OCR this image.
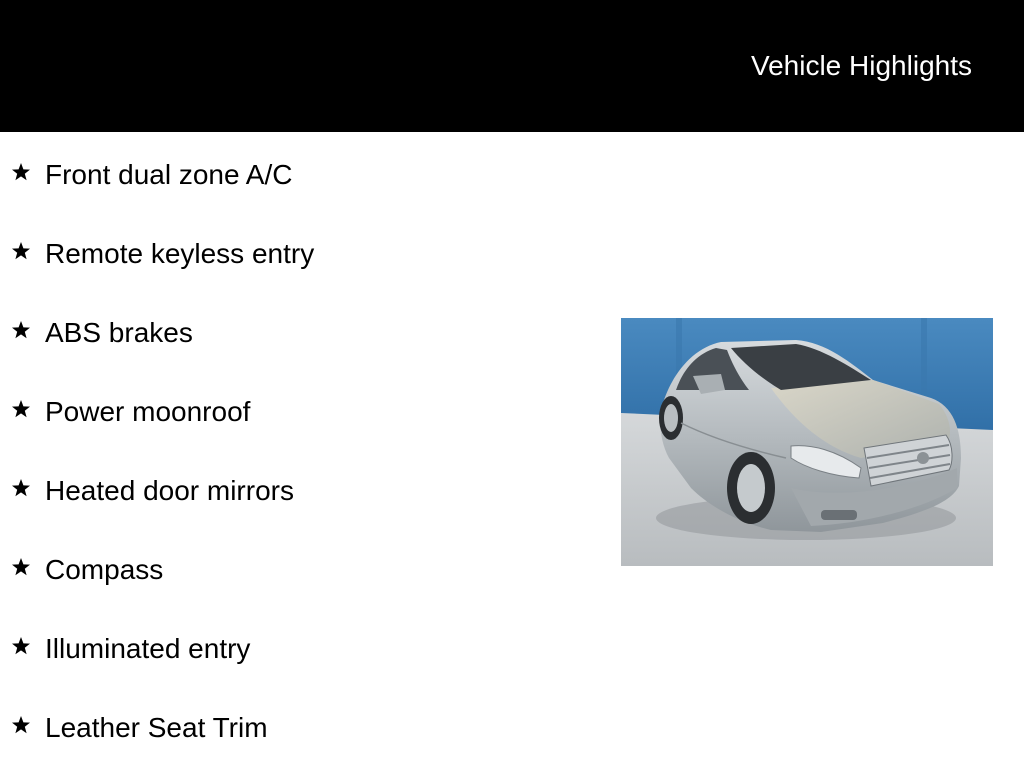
Vehicle Highlights
Front dual zone A/C
Remote keyless entry
ABS brakes
Power moonroof
Heated door mirrors
Compass
Illuminated entry
Leather Seat Trim
